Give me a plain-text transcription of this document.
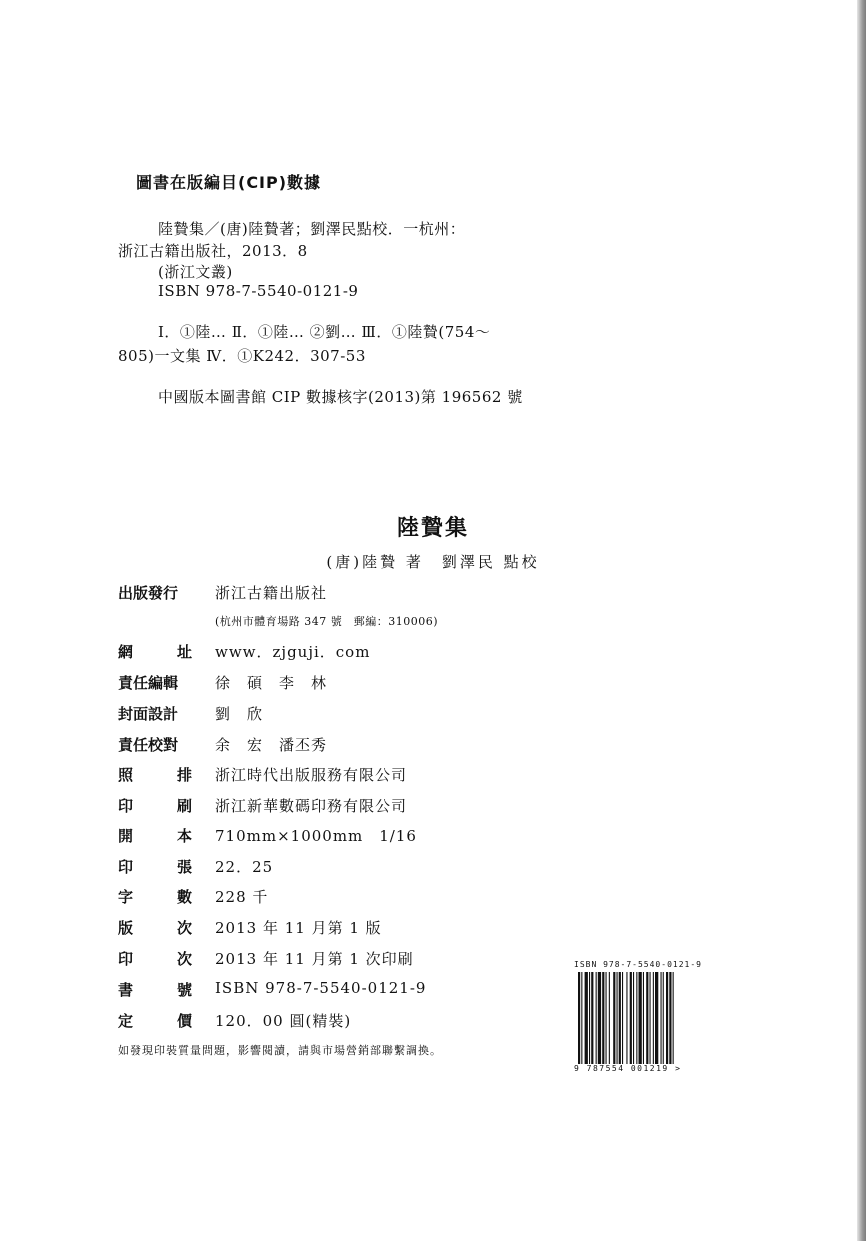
圖書在版編目(CIP)數據
陸贄集／(唐)陸贄著；劉澤民點校．一杭州：
浙江古籍出版社，2013．8
(浙江文叢)
ISBN 978-7-5540-0121-9
Ⅰ．①陸… Ⅱ．①陸… ②劉… Ⅲ．①陸贄(754～
805)一文集 Ⅳ．①K242．307-53
中國版本圖書館 CIP 數據核字(2013)第 196562 號
陸贄集
(唐)陸贄 著　劉澤民 點校
出版發行 浙江古籍出版社
(杭州市體育場路 347 號　郵編：310006)
網	址 www．zjguji．com
責任編輯 徐　碩　李　林
封面設計 劉　欣
責任校對 余　宏　潘丕秀
照	排 浙江時代出版服務有限公司
印	刷 浙江新華數碼印務有限公司
開	本 710mm×1000mm　1/16
印	張 22．25
字	數 228 千
版	次 2013 年 11 月第 1 版
印	次 2013 年 11 月第 1 次印刷
書	號 ISBN 978-7-5540-0121-9
定	價 120．00 圓(精裝)
如發現印裝質量問題，影響閱讀，請與市場營銷部聯繫調換。
ISBN 978-7-5540-0121-9
9 787554 001219 >
